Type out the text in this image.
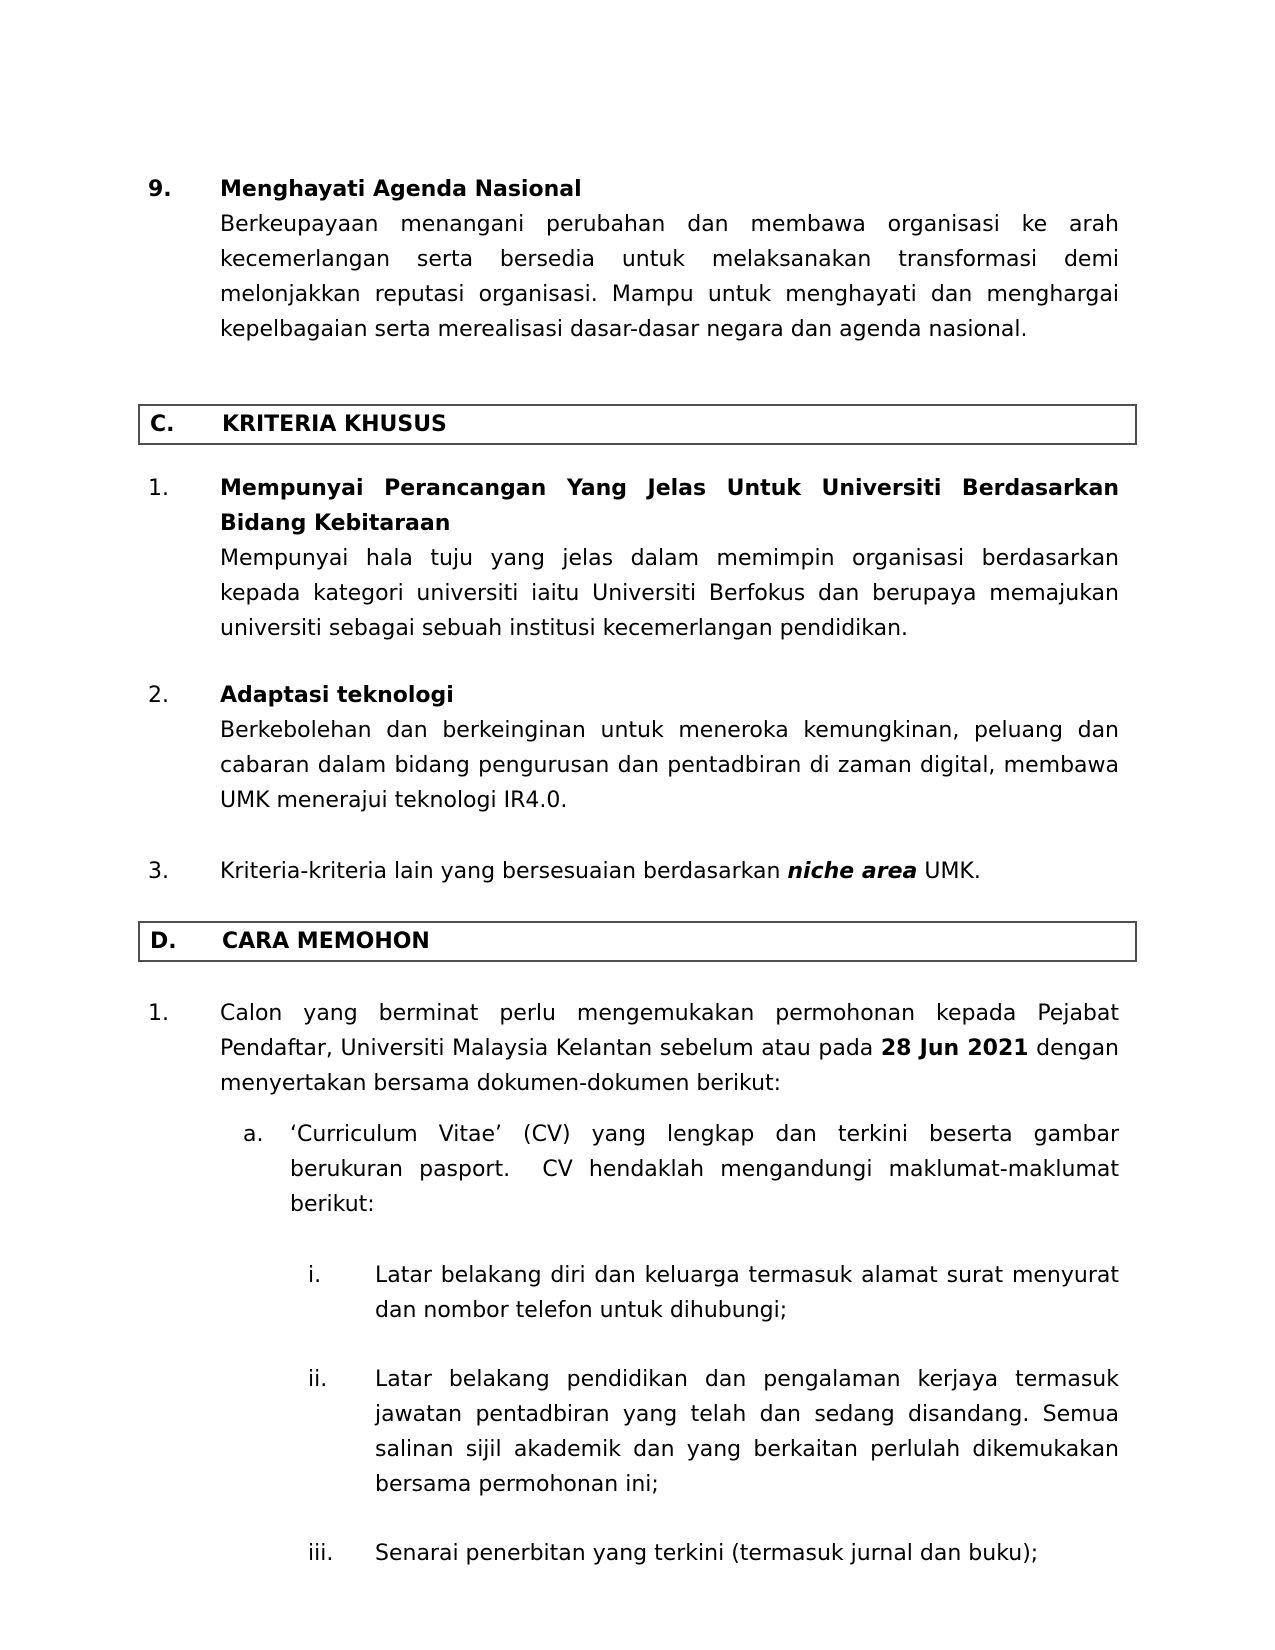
9.	Menghayati Agenda Nasional

Berkeupayaan menangani perubahan dan membawa organisasi ke arah kecemerlangan serta bersedia untuk melaksanakan transformasi demi melonjakkan reputasi organisasi. Mampu untuk menghayati dan menghargai kepelbagaian serta merealisasi dasar-dasar negara dan agenda nasional.

C.	KRITERIA KHUSUS
1.	Mempunyai Perancangan Yang Jelas Untuk Universiti Berdasarkan Bidang Kebitaraan

Mempunyai hala tuju yang jelas dalam memimpin organisasi berdasarkan kepada kategori universiti iaitu Universiti Berfokus dan berupaya memajukan universiti sebagai sebuah institusi kecemerlangan pendidikan.

2.	Adaptasi teknologi

Berkebolehan dan berkeinginan untuk meneroka kemungkinan, peluang dan cabaran dalam bidang pengurusan dan pentadbiran di zaman digital, membawa UMK menerajui teknologi IR4.0.

3.	Kriteria-kriteria lain yang bersesuaian berdasarkan niche area UMK.

D.	CARA MEMOHON
1.	Calon yang berminat perlu mengemukakan permohonan kepada Pejabat Pendaftar, Universiti Malaysia Kelantan sebelum atau pada 28 Jun 2021 dengan menyertakan bersama dokumen-dokumen berikut:

a.	‘Curriculum Vitae’ (CV) yang lengkap dan terkini beserta gambar berukuran pasport.  CV hendaklah mengandungi maklumat-maklumat berikut:

i.	Latar belakang diri dan keluarga termasuk alamat surat menyurat dan nombor telefon untuk dihubungi;

ii.	Latar belakang pendidikan dan pengalaman kerjaya termasuk jawatan pentadbiran yang telah dan sedang disandang. Semua salinan sijil akademik dan yang berkaitan perlulah dikemukakan bersama permohonan ini;

iii.	Senarai penerbitan yang terkini (termasuk jurnal dan buku);
